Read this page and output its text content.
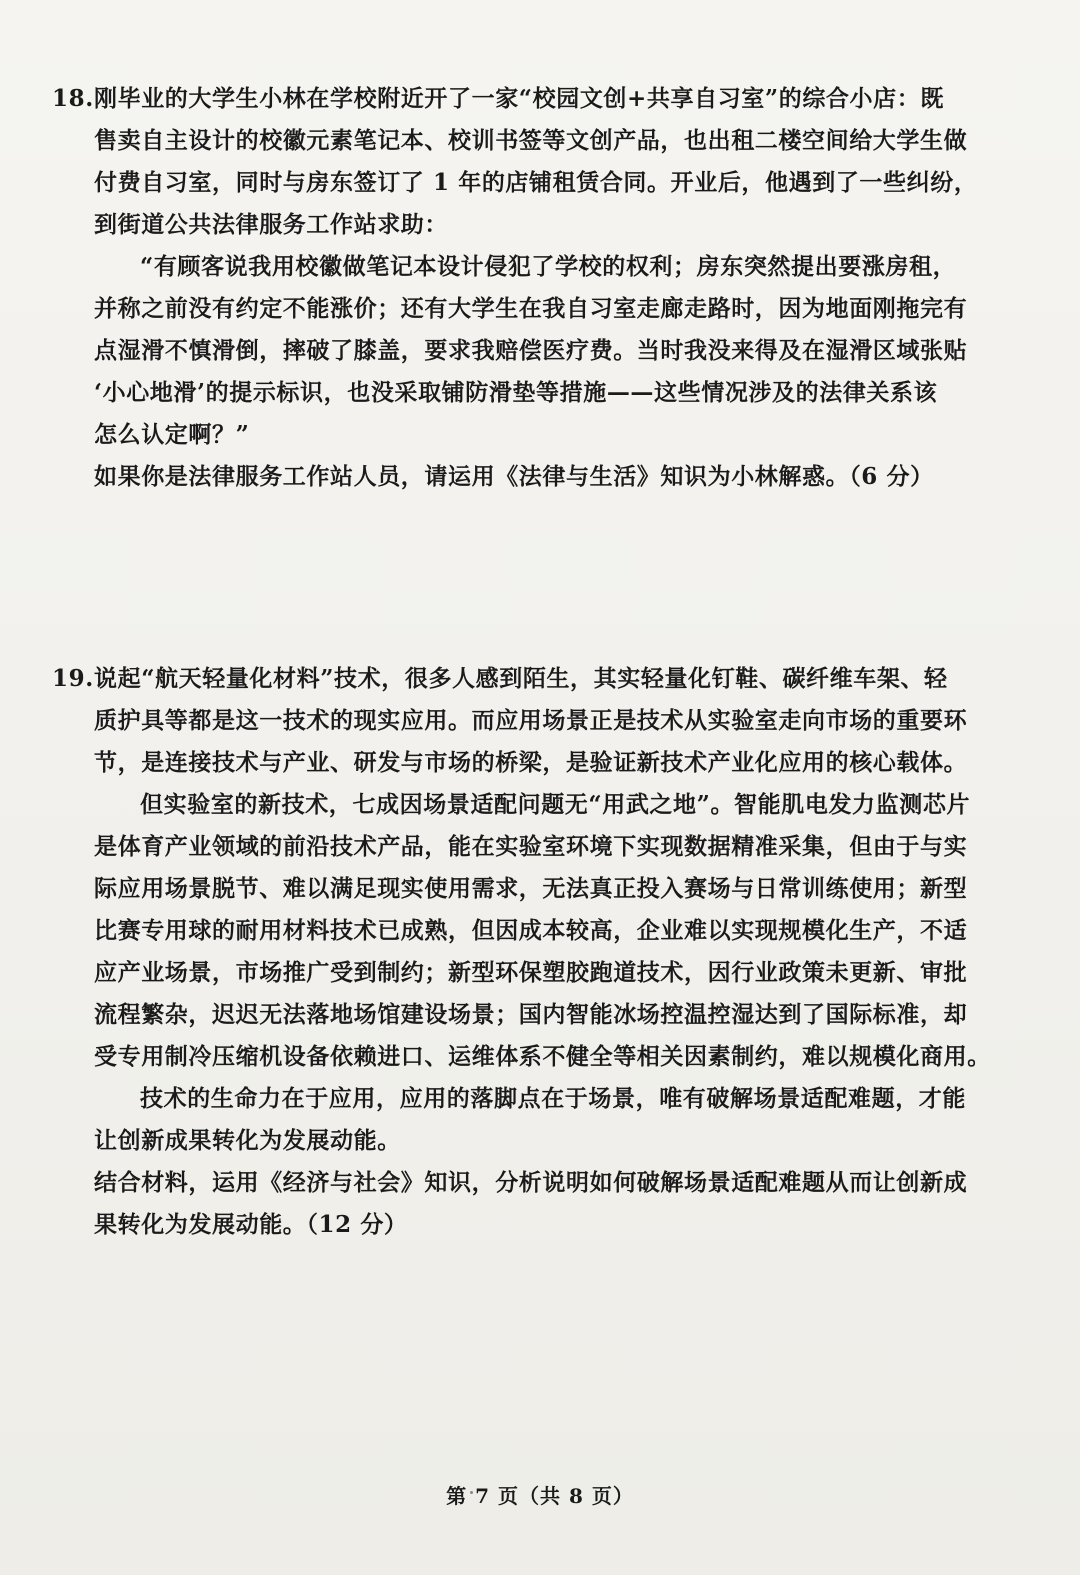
18.刚毕业的大学生小林在学校附近开了一家“校园文创+共享自习室”的综合小店：既
售卖自主设计的校徽元素笔记本、校训书签等文创产品，也出租二楼空间给大学生做
付费自习室，同时与房东签订了 1 年的店铺租赁合同。开业后，他遇到了一些纠纷，
到街道公共法律服务工作站求助：
“有顾客说我用校徽做笔记本设计侵犯了学校的权利；房东突然提出要涨房租，
并称之前没有约定不能涨价；还有大学生在我自习室走廊走路时，因为地面刚拖完有
点湿滑不慎滑倒，摔破了膝盖，要求我赔偿医疗费。当时我没来得及在湿滑区域张贴
‘小心地滑’的提示标识，也没采取铺防滑垫等措施——这些情况涉及的法律关系该
怎么认定啊？”
如果你是法律服务工作站人员，请运用《法律与生活》知识为小林解惑。（6 分）
19.说起“航天轻量化材料”技术，很多人感到陌生，其实轻量化钉鞋、碳纤维车架、轻
质护具等都是这一技术的现实应用。而应用场景正是技术从实验室走向市场的重要环
节，是连接技术与产业、研发与市场的桥梁，是验证新技术产业化应用的核心载体。
但实验室的新技术，七成因场景适配问题无“用武之地”。智能肌电发力监测芯片
是体育产业领域的前沿技术产品，能在实验室环境下实现数据精准采集，但由于与实
际应用场景脱节、难以满足现实使用需求，无法真正投入赛场与日常训练使用；新型
比赛专用球的耐用材料技术已成熟，但因成本较高，企业难以实现规模化生产，不适
应产业场景，市场推广受到制约；新型环保塑胶跑道技术，因行业政策未更新、审批
流程繁杂，迟迟无法落地场馆建设场景；国内智能冰场控温控湿达到了国际标准，却
受专用制冷压缩机设备依赖进口、运维体系不健全等相关因素制约，难以规模化商用。
技术的生命力在于应用，应用的落脚点在于场景，唯有破解场景适配难题，才能
让创新成果转化为发展动能。
结合材料，运用《经济与社会》知识，分析说明如何破解场景适配难题从而让创新成
果转化为发展动能。（12 分）
第 7 页（共 8 页）
